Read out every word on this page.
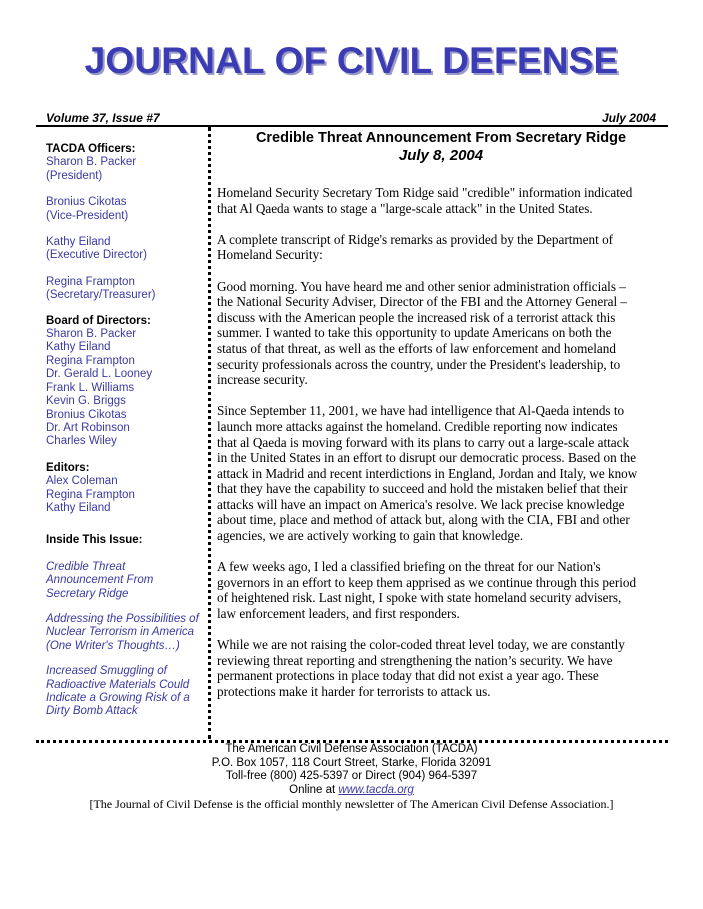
JOURNAL OF CIVIL DEFENSE
Volume 37, Issue #7	July 2004
TACDA Officers:
Sharon B. Packer
(President)
Bronius Cikotas
(Vice-President)
Kathy Eiland
(Executive Director)
Regina Frampton
(Secretary/Treasurer)
Board of Directors:
Sharon B. Packer
Kathy Eiland
Regina Frampton
Dr. Gerald L. Looney
Frank L. Williams
Kevin G. Briggs
Bronius Cikotas
Dr. Art Robinson
Charles Wiley
Editors:
Alex Coleman
Regina Frampton
Kathy Eiland
Inside This Issue:
Credible Threat
Announcement From
Secretary Ridge
Addressing the Possibilities of
Nuclear Terrorism in America
(One Writer's Thoughts…)
Increased Smuggling of
Radioactive Materials Could
Indicate a Growing Risk of a
Dirty Bomb Attack
Credible Threat Announcement From Secretary Ridge
July 8, 2004

Homeland Security Secretary Tom Ridge said "credible" information indicated
that Al Qaeda wants to stage a "large-scale attack" in the United States.

A complete transcript of Ridge's remarks as provided by the Department of
Homeland Security:

Good morning. You have heard me and other senior administration officials –
the National Security Adviser, Director of the FBI and the Attorney General –
discuss with the American people the increased risk of a terrorist attack this
summer. I wanted to take this opportunity to update Americans on both the
status of that threat, as well as the efforts of law enforcement and homeland
security professionals across the country, under the President's leadership, to
increase security.

Since September 11, 2001, we have had intelligence that Al-Qaeda intends to
launch more attacks against the homeland. Credible reporting now indicates
that al Qaeda is moving forward with its plans to carry out a large-scale attack
in the United States in an effort to disrupt our democratic process. Based on the
attack in Madrid and recent interdictions in England, Jordan and Italy, we know
that they have the capability to succeed and hold the mistaken belief that their
attacks will have an impact on America's resolve. We lack precise knowledge
about time, place and method of attack but, along with the CIA, FBI and other
agencies, we are actively working to gain that knowledge.

A few weeks ago, I led a classified briefing on the threat for our Nation's
governors in an effort to keep them apprised as we continue through this period
of heightened risk. Last night, I spoke with state homeland security advisers,
law enforcement leaders, and first responders.

While we are not raising the color-coded threat level today, we are constantly
reviewing threat reporting and strengthening the nation’s security. We have
permanent protections in place today that did not exist a year ago. These
protections make it harder for terrorists to attack us.

The American Civil Defense Association (TACDA)
P.O. Box 1057, 118 Court Street, Starke, Florida 32091
Toll-free (800) 425-5397 or Direct (904) 964-5397
Online at www.tacda.org
[The Journal of Civil Defense is the official monthly newsletter of The American Civil Defense Association.]
